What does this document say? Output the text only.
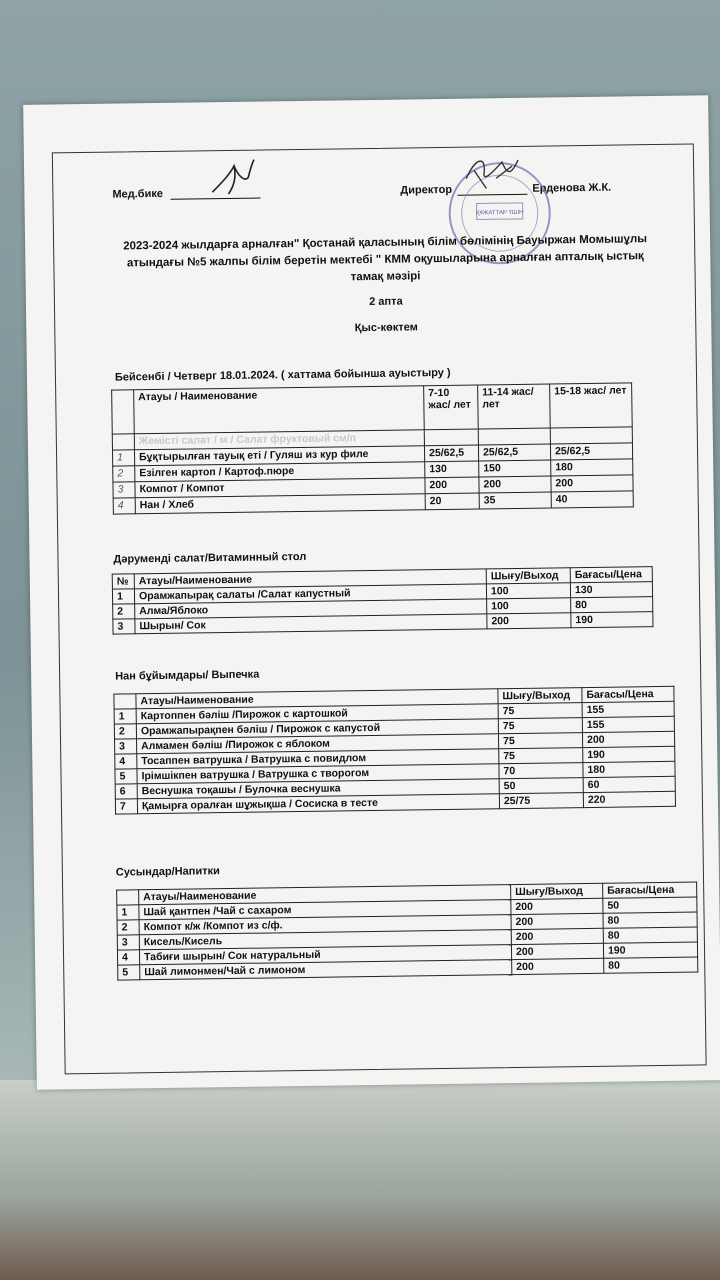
Мед.бике	Директор	Ерденова Ж.К.
ҚҰЖАТТАР ҮШІН
2023-2024 жылдарға арналған" Қостанай қаласының білім бөлімінің Бауыржан Момышұлы
атындағы №5 жалпы білім беретін мектебі " КММ оқушыларына арналған апталық ыстық
тамақ мәзірі
2 апта
Қыс-көктем
Бейсенбі / Четверг 18.01.2024. ( хаттама бойынша ауыстыру )
	Атауы / Наименование	7-10 жас/ лет	11-14 жас/ лет	15-18 жас/ лет
	Жемісті салат / м / Салат фруктовый см/п			
1	Бұқтырылған тауық еті / Гуляш из кур филе	25/62,5	25/62,5	25/62,5
2	Езілген картоп / Картоф.пюре	130	150	180
3	Компот / Компот	200	200	200
4	Нан / Хлеб	20	35	40
Дәрумендi салат/Витаминный стол
№	Атауы/Наименование	Шығу/Выход	Бағасы/Цена
1	Орамжапырақ салаты /Салат капустный	100	130
2	Алма/Яблоко	100	80
3	Шырын/ Сок	200	190
Нан бұйымдары/ Выпечка
	Атауы/Наименование	Шығу/Выход	Бағасы/Цена
1	Картоппен бәліш /Пирожок с картошкой	75	155
2	Орамжапырақпен бәліш / Пирожок с капустой	75	155
3	Алмамен бәліш /Пирожок с яблоком	75	200
4	Тосаппен ватрушка / Ватрушка с повидлом	75	190
5	Ірімшікпен ватрушка / Ватрушка с творогом	70	180
6	Веснушка тоқашы / Булочка веснушка	50	60
7	Қамырға оралған шұжықша / Сосиска в тесте	25/75	220
Сусындар/Напитки
	Атауы/Наименование	Шығу/Выход	Бағасы/Цена
1	Шай қантпен /Чай с сахаром	200	50
2	Компот к/ж /Компот из с/ф.	200	80
3	Кисель/Кисель	200	80
4	Табиғи шырын/ Сок натуральный	200	190
5	Шай лимонмен/Чай с лимоном	200	80
